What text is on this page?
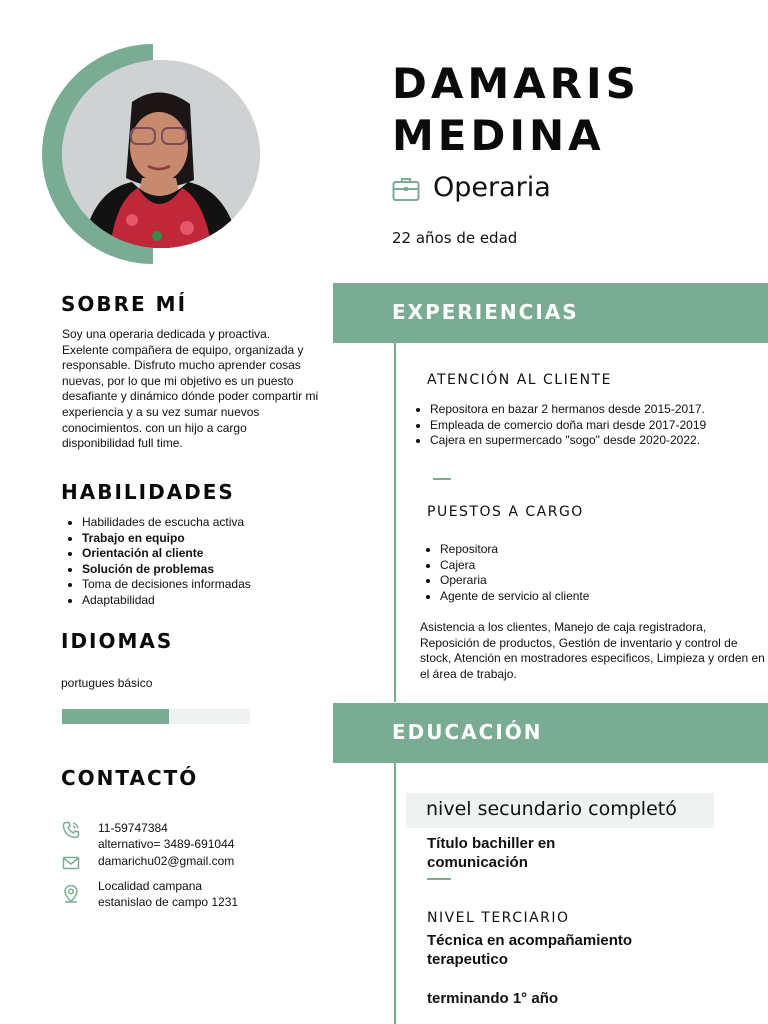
DAMARIS
MEDINA
Operaria
22 años de edad
SOBRE MÍ
Soy una operaria dedicada y proactiva. Exelente compañera de equipo, organizada y responsable. Disfruto mucho aprender cosas nuevas, por lo que mi objetivo es un puesto desafiante y dinámico dónde poder compartir mi experiencia y a su vez sumar nuevos conocimientos. con un hijo a cargo disponibilidad full time.
HABILIDADES
Habilidades de escucha activa
Trabajo en equipo
Orientación al cliente
Solución de problemas
Toma de decisiones informadas
Adaptabilidad
IDIOMAS
portugues básico
CONTACTÓ
11-59747384
alternativo= 3489-691044
damarichu02@gmail.com
Localidad campana
estanislao de campo 1231
EXPERIENCIAS
ATENCIÓN AL CLIENTE
Repositora en bazar 2 hermanos desde 2015-2017.
Empleada de comercio doña mari desde 2017-2019
Cajera en supermercado "sogo" desde 2020-2022.
PUESTOS A CARGO
Repositora
Cajera
Operaria
Agente de servicio al cliente
Asistencia a los clientes, Manejo de caja registradora, Reposición de productos, Gestión de inventario y control de stock, Atención en mostradores especificos, Limpieza y orden en el área de trabajo.
EDUCACIÓN
nivel secundario completó
Título bachiller en
comunicación
NIVEL TERCIARIO
Técnica en acompañamiento
terapeutico
terminando 1° año
